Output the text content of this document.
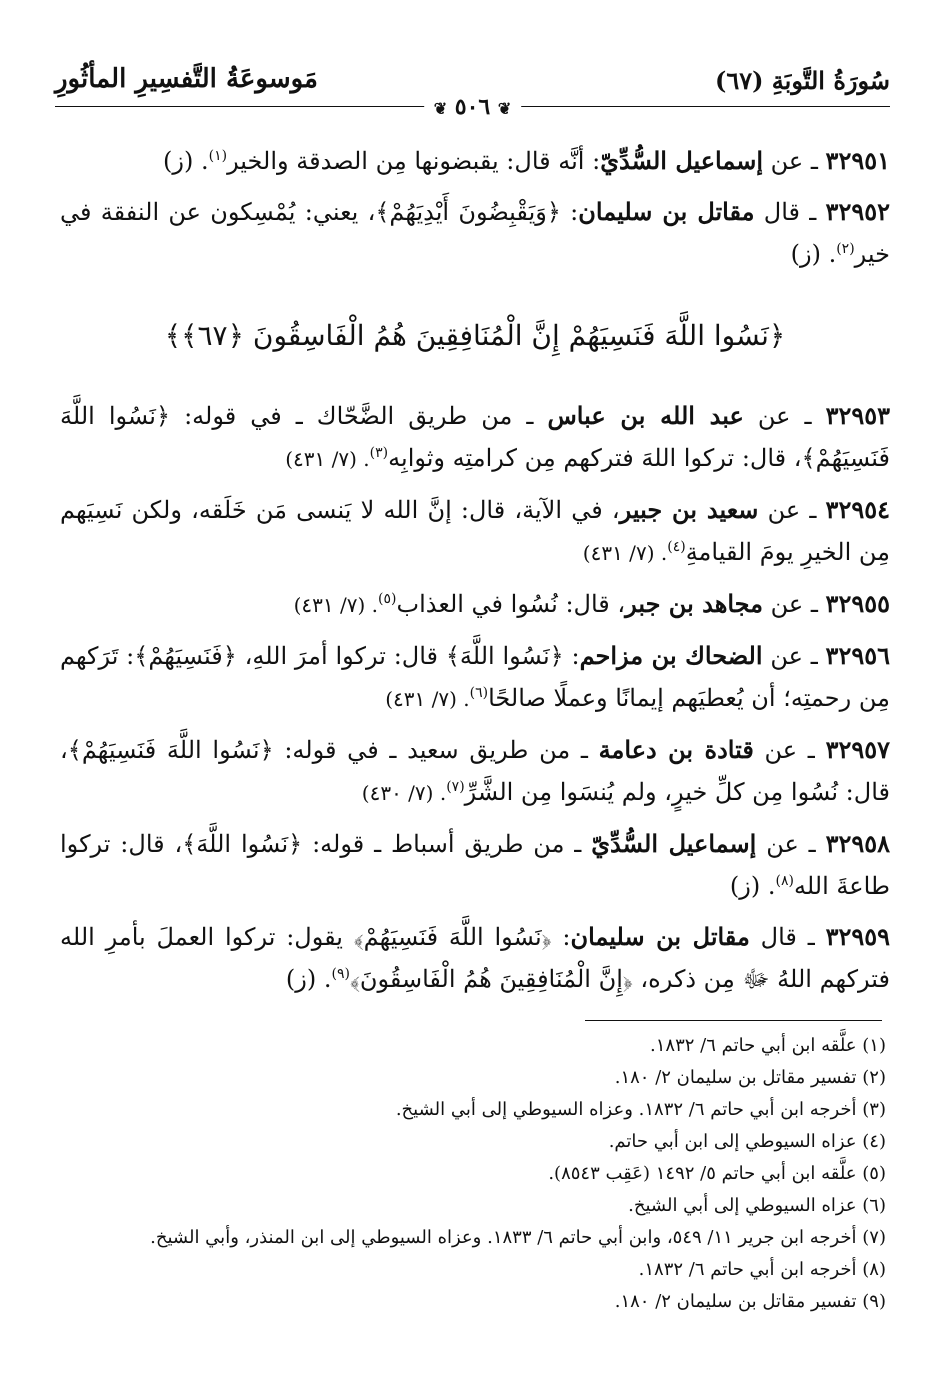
سُورَةُ التَّوبَةِ (٦٧)
مَوسوعَةُ التَّفسِيرِ المأثُورِ
❦ ٥٠٦ ❦

٣٢٩٥١ ـ عن إسماعيل السُّدِّيّ: أنَّه قال: يقبضونها مِن الصدقة والخير$^{(١)}$. (ز)

٣٢٩٥٢ ـ قال مقاتل بن سليمان: ﴿وَيَقْبِضُونَ أَيْدِيَهُمْ﴾، يعني: يُمْسِكون عن النفقة في خير$^{(٢)}$. (ز)

﴿نَسُوا اللَّهَ فَنَسِيَهُمْ إِنَّ الْمُنَافِقِينَ هُمُ الْفَاسِقُونَ ﴿٦٧﴾﴾

٣٢٩٥٣ ـ عن عبد الله بن عباس ـ من طريق الضَّحّاك ـ في قوله: ﴿نَسُوا اللَّهَ فَنَسِيَهُمْ﴾، قال: تركوا اللهَ فتركهم مِن كرامتِه وثوابِه$^{(٣)}$. (٧/ ٤٣١)

٣٢٩٥٤ ـ عن سعيد بن جبير، في الآية، قال: إنَّ الله لا يَنسى مَن خَلَقه، ولكن نَسِيَهم مِن الخيرِ يومَ القيامةِ$^{(٤)}$. (٧/ ٤٣١)

٣٢٩٥٥ ـ عن مجاهد بن جبر، قال: نُسُوا في العذاب$^{(٥)}$. (٧/ ٤٣١)

٣٢٩٥٦ ـ عن الضحاك بن مزاحم: ﴿نَسُوا اللَّهَ﴾ قال: تركوا أمرَ اللهِ، ﴿فَنَسِيَهُمْ﴾: تَرَكهم مِن رحمتِه؛ أن يُعطيَهم إيمانًا وعملًا صالحًا$^{(٦)}$. (٧/ ٤٣١)

٣٢٩٥٧ ـ عن قتادة بن دعامة ـ من طريق سعيد ـ في قوله: ﴿نَسُوا اللَّهَ فَنَسِيَهُمْ﴾، قال: نُسُوا مِن كلِّ خيرٍ، ولم يُنسَوا مِن الشَّرِّ$^{(٧)}$. (٧/ ٤٣٠)

٣٢٩٥٨ ـ عن إسماعيل السُّدِّيّ ـ من طريق أسباط ـ قوله: ﴿نَسُوا اللَّهَ﴾، قال: تركوا طاعةَ الله$^{(٨)}$. (ز)

٣٢٩٥٩ ـ قال مقاتل بن سليمان: ﴿نَسُوا اللَّهَ فَنَسِيَهُمْ﴾ يقول: تركوا العملَ بأمرِ الله فتركهم اللهُ ﷻ مِن ذكره، ﴿إِنَّ الْمُنَافِقِينَ هُمُ الْفَاسِقُونَ﴾$^{(٩)}$. (ز)

(١) علَّقه ابن أبي حاتم ٦/ ١٨٣٢.
(٢) تفسير مقاتل بن سليمان ٢/ ١٨٠.
(٣) أخرجه ابن أبي حاتم ٦/ ١٨٣٢. وعزاه السيوطي إلى أبي الشيخ.
(٤) عزاه السيوطي إلى ابن أبي حاتم.
(٥) علَّقه ابن أبي حاتم ٥/ ١٤٩٢ (عَقِب ٨٥٤٣).
(٦) عزاه السيوطي إلى أبي الشيخ.
(٧) أخرجه ابن جرير ١١/ ٥٤٩، وابن أبي حاتم ٦/ ١٨٣٣. وعزاه السيوطي إلى ابن المنذر، وأبي الشيخ.
(٨) أخرجه ابن أبي حاتم ٦/ ١٨٣٢.
(٩) تفسير مقاتل بن سليمان ٢/ ١٨٠.
